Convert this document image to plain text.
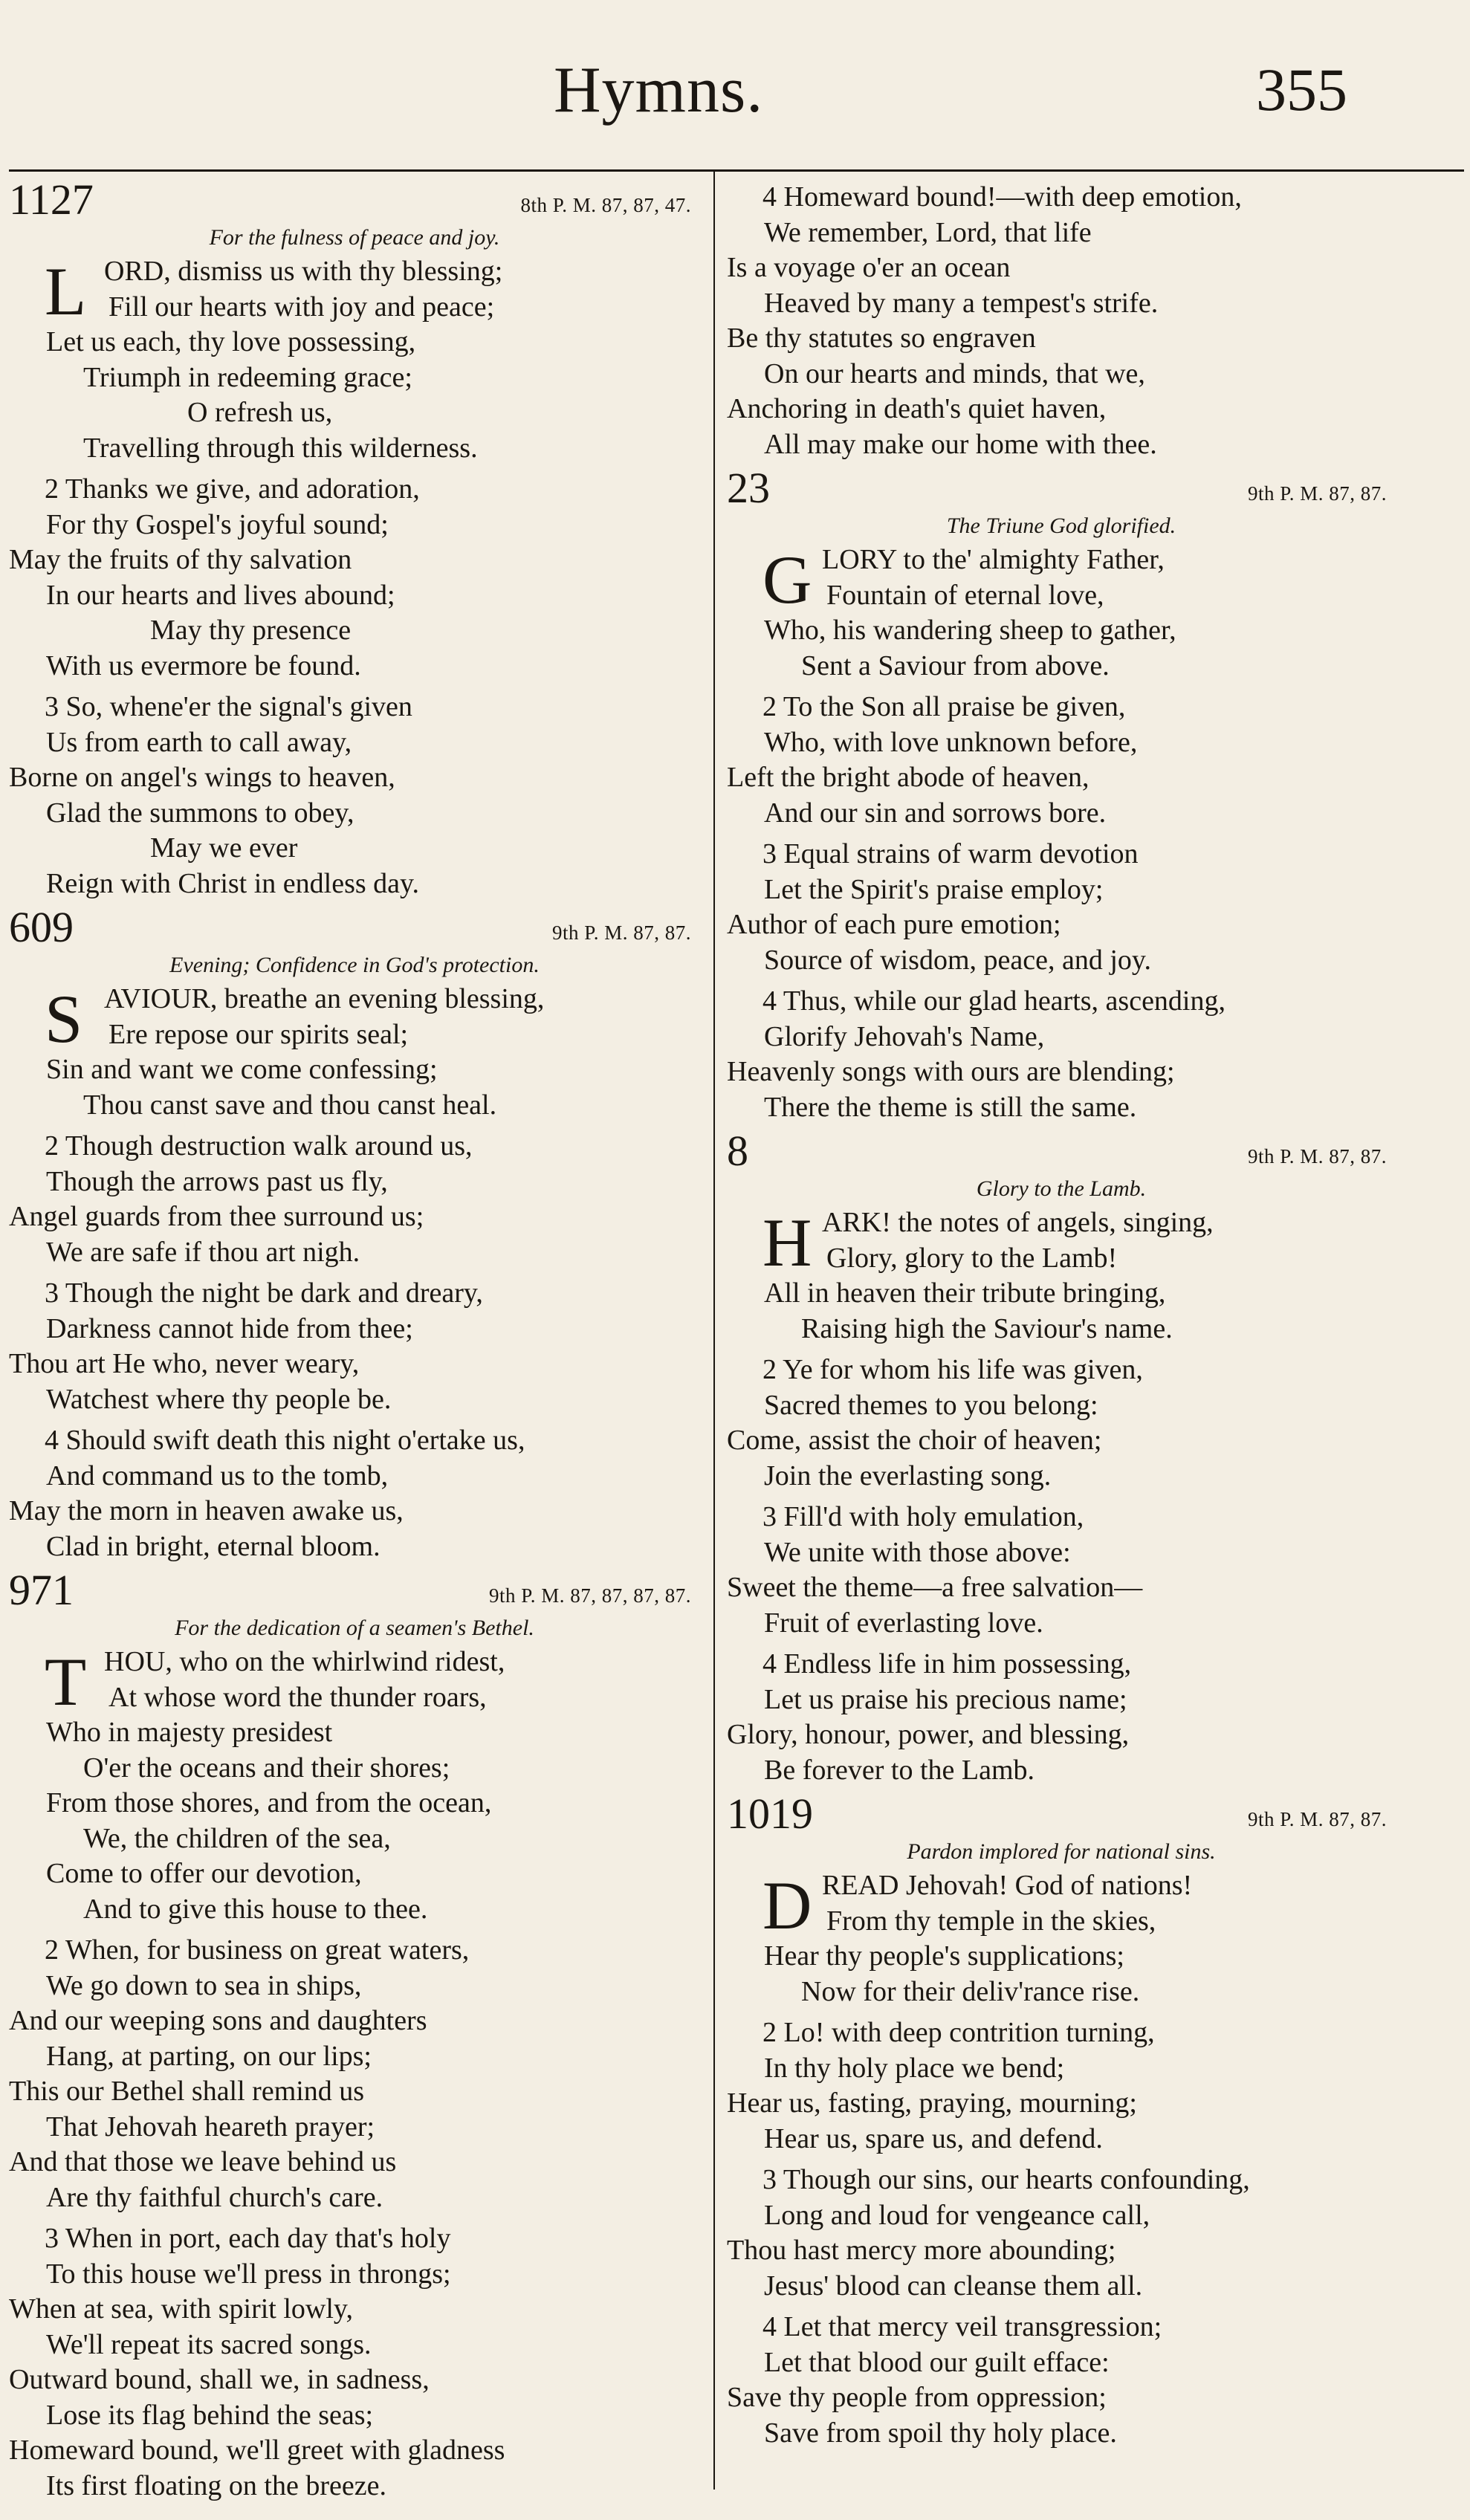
Hymns.	355
1127	8th P. M. 87, 87, 47.
For the fulness of peace and joy.
L ORD, dismiss us with thy blessing;
Fill our hearts with joy and peace;
Let us each, thy love possessing,
Triumph in redeeming grace;
O refresh us,
Travelling through this wilderness.
2 Thanks we give, and adoration,
For thy Gospel's joyful sound;
May the fruits of thy salvation
In our hearts and lives abound;
May thy presence
With us evermore be found.
3 So, whene'er the signal's given
Us from earth to call away,
Borne on angel's wings to heaven,
Glad the summons to obey,
May we ever
Reign with Christ in endless day.
609	9th P. M. 87, 87.
Evening; Confidence in God's protection.
S AVIOUR, breathe an evening blessing,
Ere repose our spirits seal;
Sin and want we come confessing;
Thou canst save and thou canst heal.
2 Though destruction walk around us,
Though the arrows past us fly,
Angel guards from thee surround us;
We are safe if thou art nigh.
3 Though the night be dark and dreary,
Darkness cannot hide from thee;
Thou art He who, never weary,
Watchest where thy people be.
4 Should swift death this night o'ertake us,
And command us to the tomb,
May the morn in heaven awake us,
Clad in bright, eternal bloom.
971	9th P. M. 87, 87, 87, 87.
For the dedication of a seamen's Bethel.
T HOU, who on the whirlwind ridest,
At whose word the thunder roars,
Who in majesty presidest
O'er the oceans and their shores;
From those shores, and from the ocean,
We, the children of the sea,
Come to offer our devotion,
And to give this house to thee.
2 When, for business on great waters,
We go down to sea in ships,
And our weeping sons and daughters
Hang, at parting, on our lips;
This our Bethel shall remind us
That Jehovah heareth prayer;
And that those we leave behind us
Are thy faithful church's care.
3 When in port, each day that's holy
To this house we'll press in throngs;
When at sea, with spirit lowly,
We'll repeat its sacred songs.
Outward bound, shall we, in sadness,
Lose its flag behind the seas;
Homeward bound, we'll greet with gladness
Its first floating on the breeze.
4 Homeward bound!—with deep emotion,
We remember, Lord, that life
Is a voyage o'er an ocean
Heaved by many a tempest's strife.
Be thy statutes so engraven
On our hearts and minds, that we,
Anchoring in death's quiet haven,
All may make our home with thee.
23	9th P. M. 87, 87.
The Triune God glorified.
G LORY to the' almighty Father,
Fountain of eternal love,
Who, his wandering sheep to gather,
Sent a Saviour from above.
2 To the Son all praise be given,
Who, with love unknown before,
Left the bright abode of heaven,
And our sin and sorrows bore.
3 Equal strains of warm devotion
Let the Spirit's praise employ;
Author of each pure emotion;
Source of wisdom, peace, and joy.
4 Thus, while our glad hearts, ascending,
Glorify Jehovah's Name,
Heavenly songs with ours are blending;
There the theme is still the same.
8	9th P. M. 87, 87.
Glory to the Lamb.
H ARK! the notes of angels, singing,
Glory, glory to the Lamb!
All in heaven their tribute bringing,
Raising high the Saviour's name.
2 Ye for whom his life was given,
Sacred themes to you belong:
Come, assist the choir of heaven;
Join the everlasting song.
3 Fill'd with holy emulation,
We unite with those above:
Sweet the theme—a free salvation—
Fruit of everlasting love.
4 Endless life in him possessing,
Let us praise his precious name;
Glory, honour, power, and blessing,
Be forever to the Lamb.
1019	9th P. M. 87, 87.
Pardon implored for national sins.
D READ Jehovah! God of nations!
From thy temple in the skies,
Hear thy people's supplications;
Now for their deliv'rance rise.
2 Lo! with deep contrition turning,
In thy holy place we bend;
Hear us, fasting, praying, mourning;
Hear us, spare us, and defend.
3 Though our sins, our hearts confounding,
Long and loud for vengeance call,
Thou hast mercy more abounding;
Jesus' blood can cleanse them all.
4 Let that mercy veil transgression;
Let that blood our guilt efface:
Save thy people from oppression;
Save from spoil thy holy place.
